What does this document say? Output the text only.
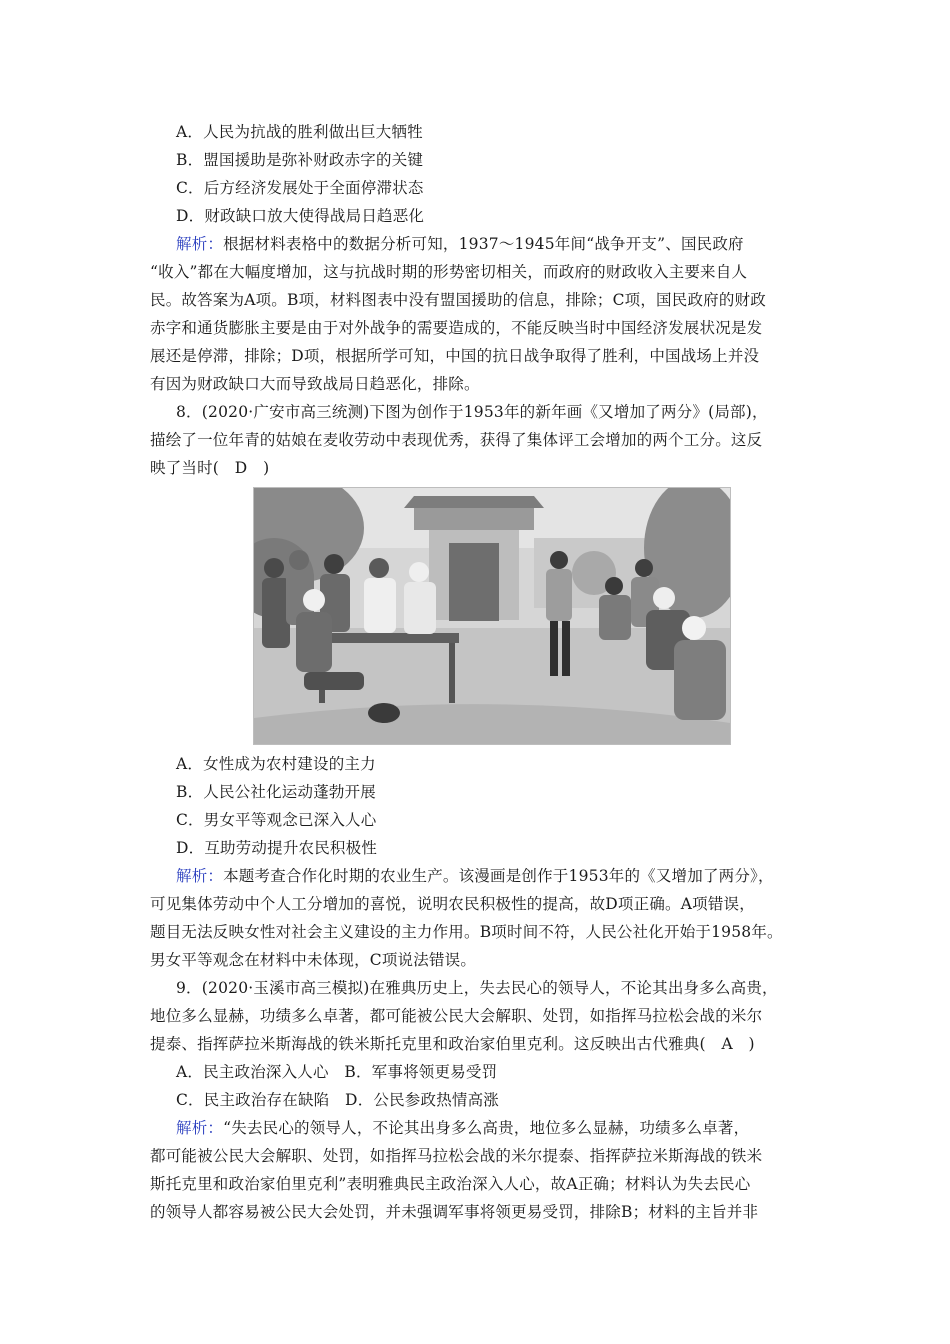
A．人民为抗战的胜利做出巨大牺牲
B．盟国援助是弥补财政赤字的关键
C．后方经济发展处于全面停滞状态
D．财政缺口放大使得战局日趋恶化
解析：根据材料表格中的数据分析可知，1937～1945年间“战争开支”、国民政府
“收入”都在大幅度增加，这与抗战时期的形势密切相关，而政府的财政收入主要来自人
民。故答案为A项。B项，材料图表中没有盟国援助的信息，排除；C项，国民政府的财政
赤字和通货膨胀主要是由于对外战争的需要造成的，不能反映当时中国经济发展状况是发
展还是停滞，排除；D项，根据所学可知，中国的抗日战争取得了胜利，中国战场上并没
有因为财政缺口大而导致战局日趋恶化，排除。
8．(2020·广安市高三统测)下图为创作于1953年的新年画《又增加了两分》(局部)，
描绘了一位年青的姑娘在麦收劳动中表现优秀，获得了集体评工会增加的两个工分。这反
映了当时(　D　)
A．女性成为农村建设的主力
B．人民公社化运动蓬勃开展
C．男女平等观念已深入人心
D．互助劳动提升农民积极性
解析：本题考查合作化时期的农业生产。该漫画是创作于1953年的《又增加了两分》，
可见集体劳动中个人工分增加的喜悦，说明农民积极性的提高，故D项正确。A项错误，
题目无法反映女性对社会主义建设的主力作用。B项时间不符，人民公社化开始于1958年。
男女平等观念在材料中未体现，C项说法错误。
9．(2020·玉溪市高三模拟)在雅典历史上，失去民心的领导人，不论其出身多么高贵，
地位多么显赫，功绩多么卓著，都可能被公民大会解职、处罚，如指挥马拉松会战的米尔
提泰、指挥萨拉米斯海战的铁米斯托克里和政治家伯里克利。这反映出古代雅典(　A　)
A．民主政治深入人心　B．军事将领更易受罚
C．民主政治存在缺陷　D．公民参政热情高涨
解析：“失去民心的领导人，不论其出身多么高贵，地位多么显赫，功绩多么卓著，
都可能被公民大会解职、处罚，如指挥马拉松会战的米尔提泰、指挥萨拉米斯海战的铁米
斯托克里和政治家伯里克利”表明雅典民主政治深入人心，故A正确；材料认为失去民心
的领导人都容易被公民大会处罚，并未强调军事将领更易受罚，排除B；材料的主旨并非
